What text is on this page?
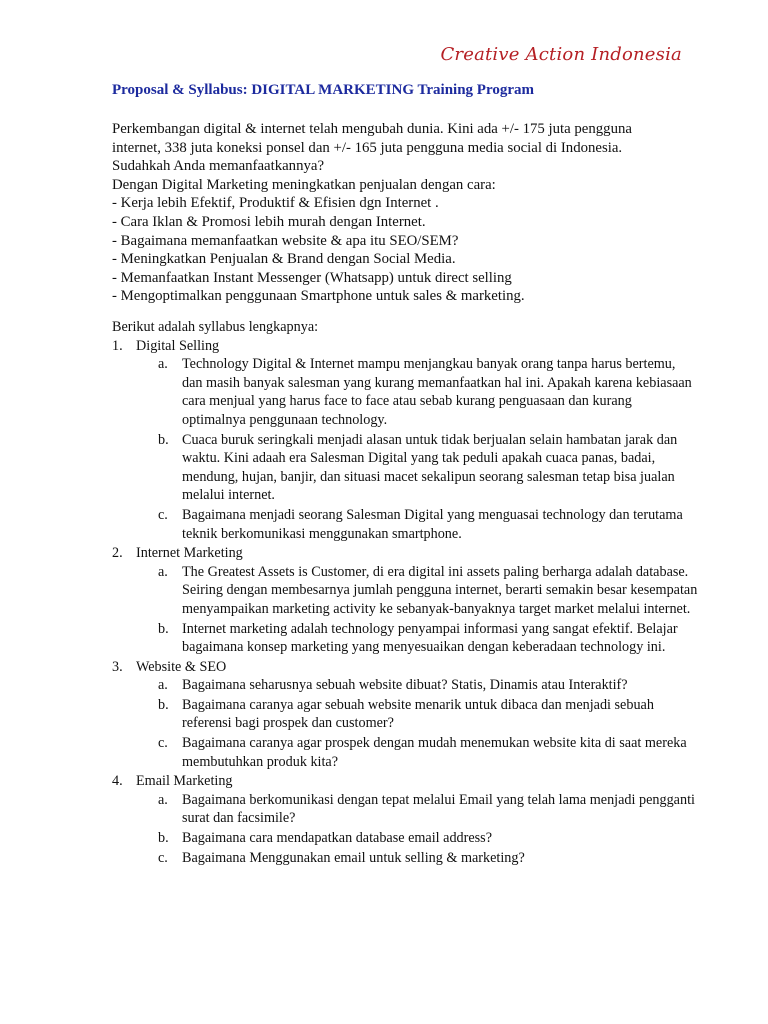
Creative Action Indonesia
Proposal & Syllabus: DIGITAL MARKETING Training Program
Perkembangan digital & internet telah mengubah dunia. Kini ada +/- 175 juta pengguna
internet, 338 juta koneksi ponsel dan +/- 165 juta pengguna media social di Indonesia.
Sudahkah Anda memanfaatkannya?
Dengan Digital Marketing meningkatkan penjualan dengan cara:
- Kerja lebih Efektif, Produktif & Efisien dgn Internet .
- Cara Iklan & Promosi lebih murah dengan Internet.
- Bagaimana memanfaatkan website & apa itu SEO/SEM?
- Meningkatkan Penjualan & Brand dengan Social Media.
- Memanfaatkan Instant Messenger (Whatsapp) untuk direct selling
- Mengoptimalkan penggunaan Smartphone untuk sales & marketing.
Berikut adalah syllabus lengkapnya:
1. Digital Selling
a. Technology Digital & Internet mampu menjangkau banyak orang tanpa harus bertemu,
dan masih banyak salesman yang kurang memanfaatkan hal ini. Apakah karena kebiasaan
cara menjual yang harus face to face atau sebab kurang penguasaan dan kurang
optimalnya penggunaan technology.
b. Cuaca buruk seringkali menjadi alasan untuk tidak berjualan selain hambatan jarak dan
waktu. Kini adaah era Salesman Digital yang tak peduli apakah cuaca panas, badai,
mendung, hujan, banjir, dan situasi macet sekalipun seorang salesman tetap bisa jualan
melalui internet.
c. Bagaimana menjadi seorang Salesman Digital yang menguasai technology dan terutama
teknik berkomunikasi menggunakan smartphone.
2. Internet Marketing
a. The Greatest Assets is Customer, di era digital ini assets paling berharga adalah database.
Seiring dengan membesarnya jumlah pengguna internet, berarti semakin besar kesempatan
menyampaikan marketing activity ke sebanyak-banyaknya target market melalui internet.
b. Internet marketing adalah technology penyampai informasi yang sangat efektif. Belajar
bagaimana konsep marketing yang menyesuaikan dengan keberadaan technology ini.
3. Website & SEO
a. Bagaimana seharusnya sebuah website dibuat? Statis, Dinamis atau Interaktif?
b. Bagaimana caranya agar sebuah website menarik untuk dibaca dan menjadi sebuah
referensi bagi prospek dan customer?
c. Bagaimana caranya agar prospek dengan mudah menemukan website kita di saat mereka
membutuhkan produk kita?
4. Email Marketing
a. Bagaimana berkomunikasi dengan tepat melalui Email yang telah lama menjadi pengganti
surat dan facsimile?
b. Bagaimana cara mendapatkan database email address?
c. Bagaimana Menggunakan email untuk selling & marketing?
